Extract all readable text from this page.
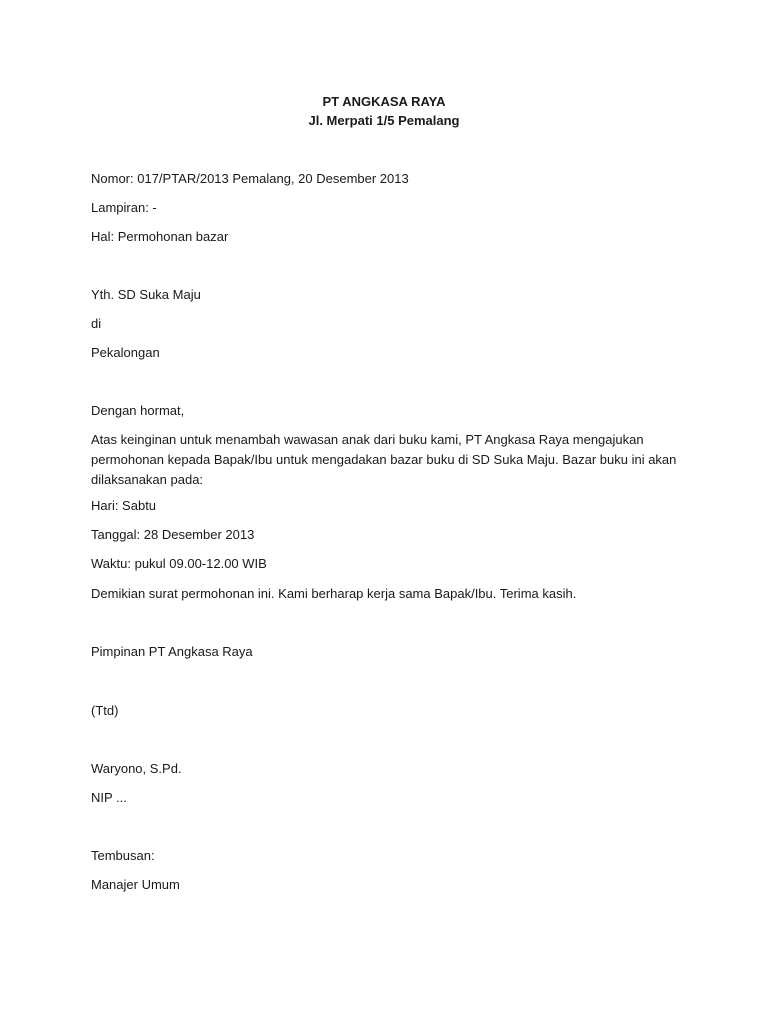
PT ANGKASA RAYA

Jl. Merpati 1/5 Pemalang

Nomor: 017/PTAR/2013 Pemalang, 20 Desember 2013

Lampiran: -

Hal: Permohonan bazar

Yth. SD Suka Maju

di

Pekalongan

Dengan hormat,

Atas keinginan untuk menambah wawasan anak dari buku kami, PT Angkasa Raya mengajukan
permohonan kepada Bapak/Ibu untuk mengadakan bazar buku di SD Suka Maju. Bazar buku ini akan
dilaksanakan pada:

Hari: Sabtu

Tanggal: 28 Desember 2013

Waktu: pukul 09.00-12.00 WIB

Demikian surat permohonan ini. Kami berharap kerja sama Bapak/Ibu. Terima kasih.

Pimpinan PT Angkasa Raya

(Ttd)

Waryono, S.Pd.

NIP ...

Tembusan:

Manajer Umum
